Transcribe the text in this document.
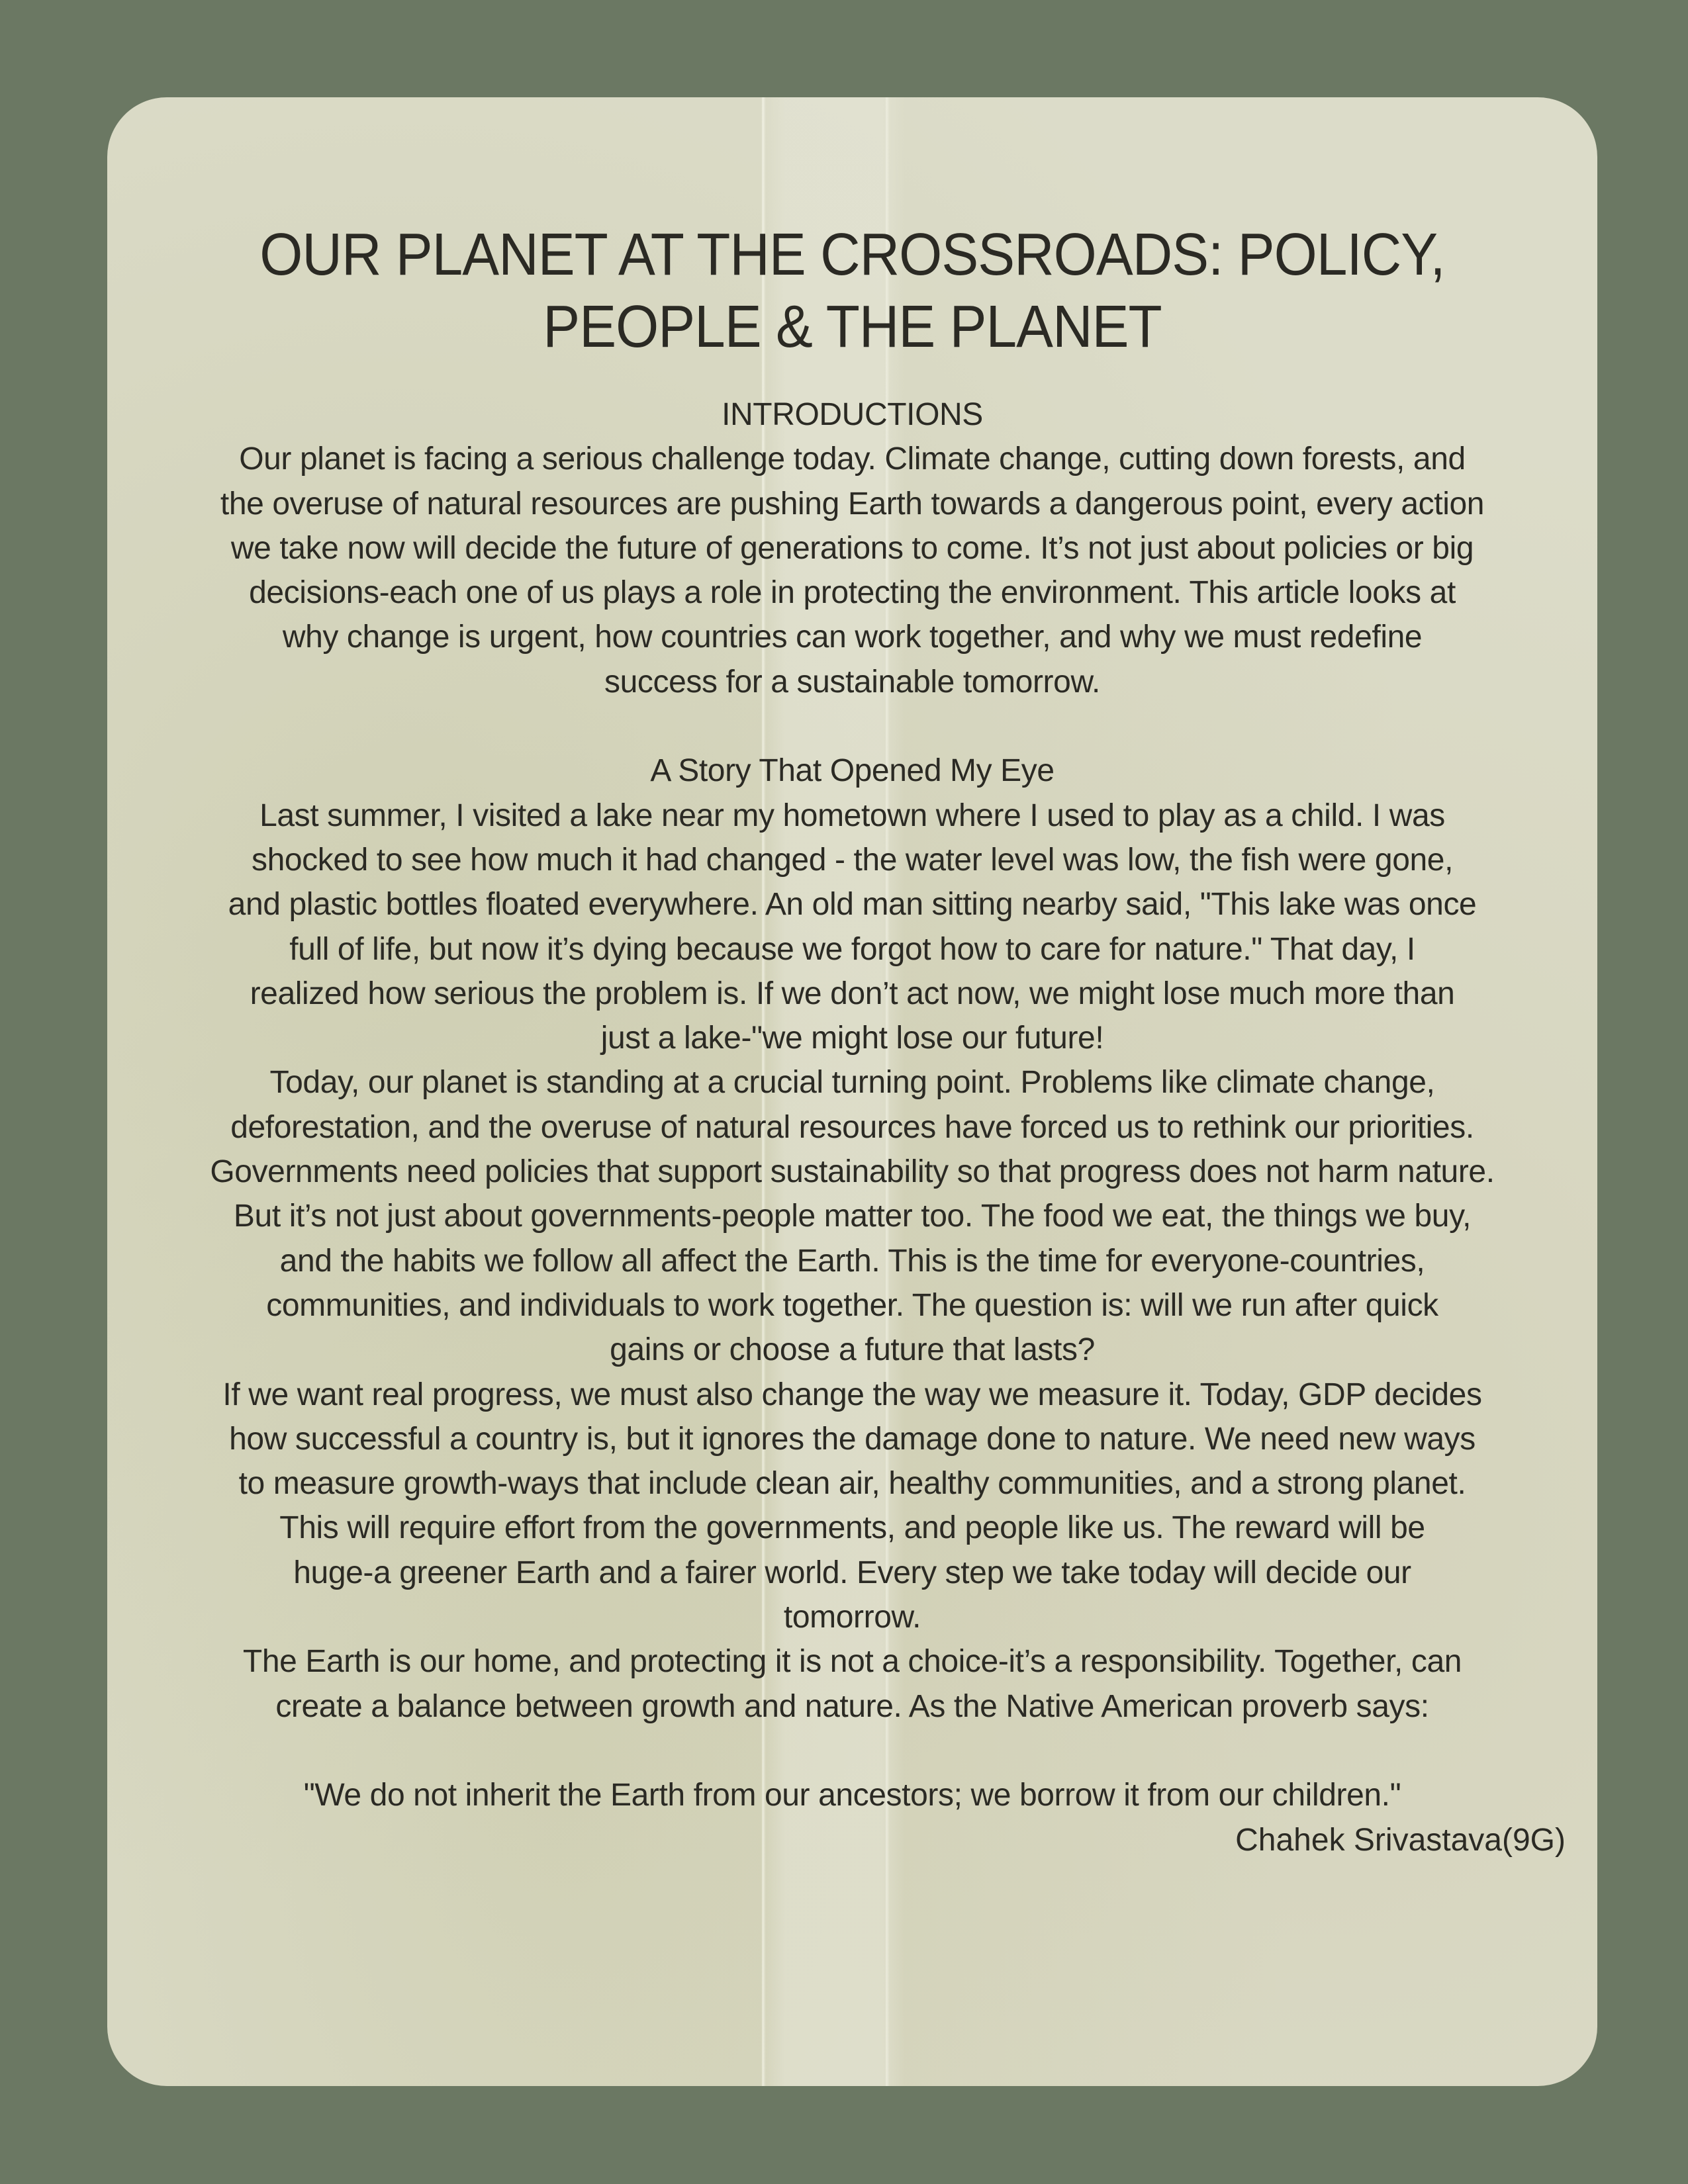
OUR PLANET AT THE CROSSROADS: POLICY,
PEOPLE & THE PLANET
INTRODUCTIONS
Our planet is facing a serious challenge today. Climate change, cutting down forests, and
the overuse of natural resources are pushing Earth towards a dangerous point, every action
we take now will decide the future of generations to come. It’s not just about policies or big
decisions-each one of us plays a role in protecting the environment. This article looks at
why change is urgent, how countries can work together, and why we must redefine
success for a sustainable tomorrow.
A Story That Opened My Eye
Last summer, I visited a lake near my hometown where I used to play as a child. I was
shocked to see how much it had changed - the water level was low, the fish were gone,
and plastic bottles floated everywhere. An old man sitting nearby said, "This lake was once
full of life, but now it’s dying because we forgot how to care for nature." That day, I
realized how serious the problem is. If we don’t act now, we might lose much more than
just a lake-"we might lose our future!
Today, our planet is standing at a crucial turning point. Problems like climate change,
deforestation, and the overuse of natural resources have forced us to rethink our priorities.
Governments need policies that support sustainability so that progress does not harm nature.
But it’s not just about governments-people matter too. The food we eat, the things we buy,
and the habits we follow all affect the Earth. This is the time for everyone-countries,
communities, and individuals to work together. The question is: will we run after quick
gains or choose a future that lasts?
If we want real progress, we must also change the way we measure it. Today, GDP decides
how successful a country is, but it ignores the damage done to nature. We need new ways
to measure growth-ways that include clean air, healthy communities, and a strong planet.
This will require effort from the governments, and people like us. The reward will be
huge-a greener Earth and a fairer world. Every step we take today will decide our
tomorrow.
The Earth is our home, and protecting it is not a choice-it’s a responsibility. Together, can
create a balance between growth and nature. As the Native American proverb says:
"We do not inherit the Earth from our ancestors; we borrow it from our children."
Chahek Srivastava(9G)
